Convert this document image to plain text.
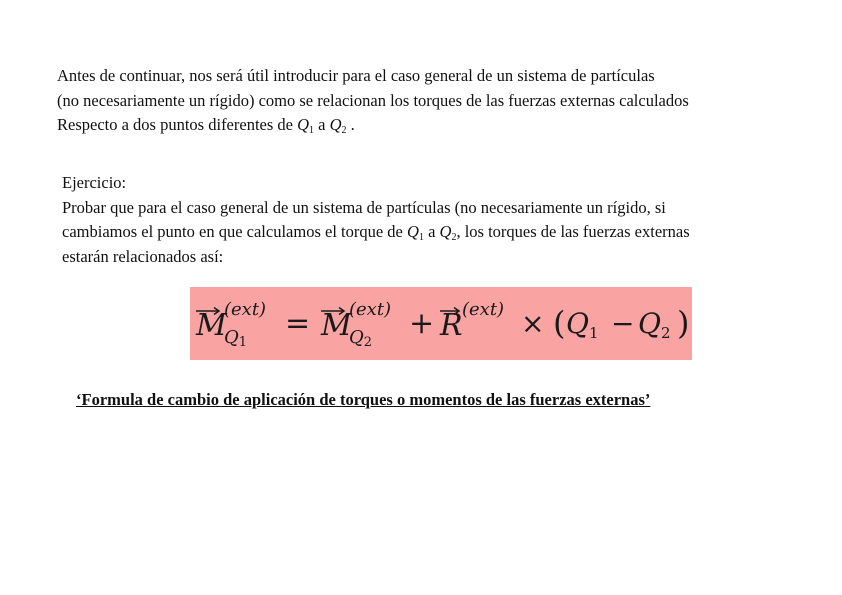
Antes de continuar, nos será útil introducir para el caso general de un sistema de partículas
(no necesariamente un rígido) como se relacionan los torques de las fuerzas externas calculados
Respecto a dos puntos diferentes de $Q_1$ a $Q_2$ .
Ejercicio:
Probar que para el caso general de un sistema de partículas (no necesariamente un rígido, si
cambiamos el punto en que calculamos el torque de $Q_1$ a $Q_2$, los torques de las fuerzas externas
estarán relacionados así:
M
(ext)
Q1
= M
(ext)
Q2
+ R (ext) × ( Q1 − Q2 )
‘Formula de cambio de aplicación de torques o momentos de las fuerzas externas’
